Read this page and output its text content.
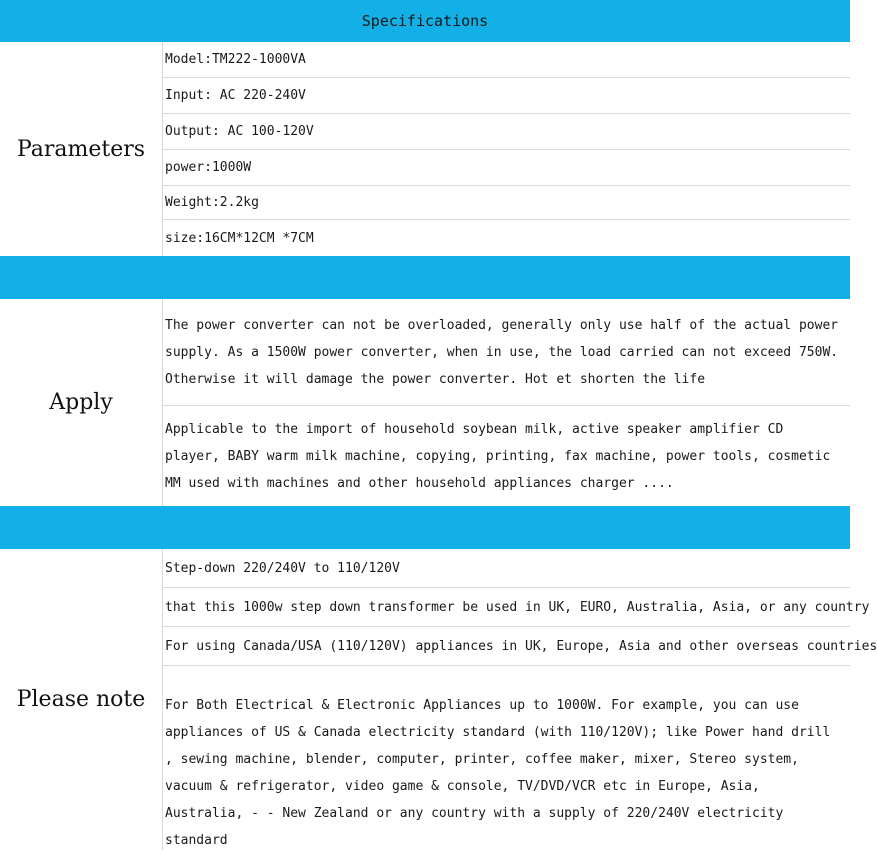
Specifications
Parameters
Model:TM222-1000VA
Input: AC 220-240V
Output: AC 100-120V
power:1000W
Weight:2.2kg
size:16CM*12CM *7CM
Apply
The power converter can not be overloaded, generally only use half of the actual power supply. As a 1500W power converter, when in use, the load carried can not exceed 750W. Otherwise it will damage the power converter. Hot et shorten the life
Applicable to the import of household soybean milk, active speaker amplifier CD player, BABY warm milk machine, copying, printing, fax machine, power tools, cosmetic MM used with machines and other household appliances charger ....
Please note
Step-down 220/240V to 110/120V
that this 1000w step down transformer be used in UK, EURO, Australia, Asia, or any country
For using Canada/USA (110/120V) appliances in UK, Europe, Asia and other overseas countries
For Both Electrical & Electronic Appliances up to 1000W. For example, you can use appliances of US & Canada electricity standard (with 110/120V); like Power hand drill , sewing machine, blender, computer, printer, coffee maker, mixer, Stereo system, vacuum & refrigerator, video game & console, TV/DVD/VCR etc in Europe, Asia, Australia, - - New Zealand or any country with a supply of 220/240V electricity standard
